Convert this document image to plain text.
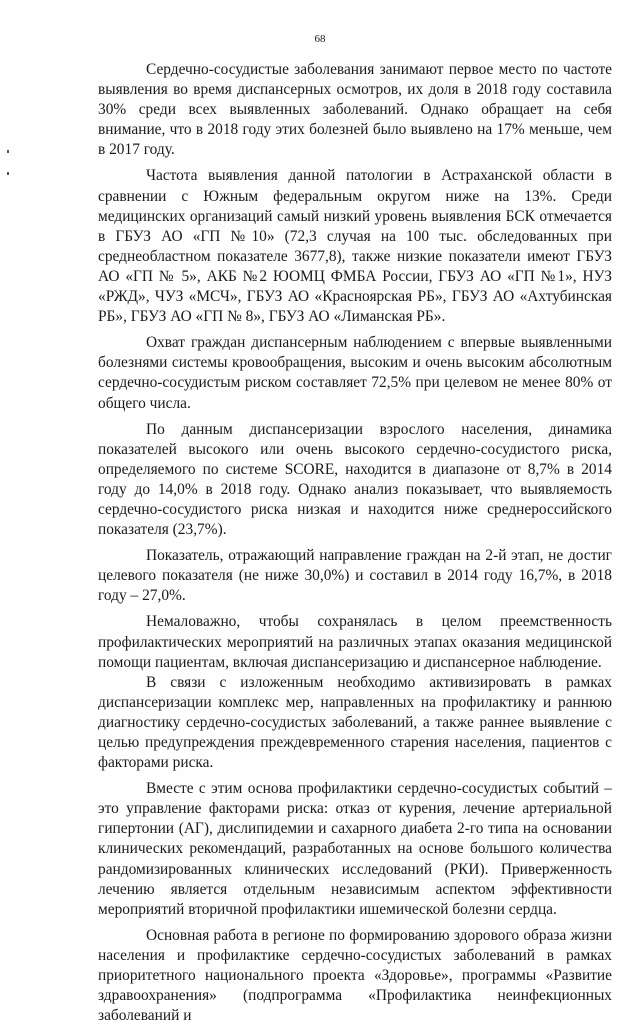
68

Сердечно-сосудистые заболевания занимают первое место по частоте выявления во время диспансерных осмотров, их доля в 2018 году составила 30% среди всех выявленных заболеваний. Однако обращает на себя внимание, что в 2018 году этих болезней было выявлено на 17% меньше, чем в 2017 году.

Частота выявления данной патологии в Астраханской области в сравнении с Южным федеральным округом ниже на 13%. Среди медицинских организаций самый низкий уровень выявления БСК отмечается в ГБУЗ АО «ГП №10» (72,3 случая на 100 тыс. обследованных при среднеобластном показателе 3677,8), также низкие показатели имеют ГБУЗ АО «ГП № 5», АКБ №2 ЮОМЦ ФМБА России, ГБУЗ АО «ГП №1», НУЗ «РЖД», ЧУЗ «МСЧ», ГБУЗ АО «Красноярская РБ», ГБУЗ АО «Ахтубинская РБ», ГБУЗ АО «ГП № 8», ГБУЗ АО «Лиманская РБ».

Охват граждан диспансерным наблюдением с впервые выявленными болезнями системы кровообращения, высоким и очень высоким абсолютным сердечно-сосудистым риском составляет 72,5% при целевом не менее 80% от общего числа.

По данным диспансеризации взрослого населения, динамика показателей высокого или очень высокого сердечно-сосудистого риска, определяемого по системе SCORE, находится в диапазоне от 8,7% в 2014 году до 14,0% в 2018 году. Однако анализ показывает, что выявляемость сердечно-сосудистого риска низкая и находится ниже среднероссийского показателя (23,7%).

Показатель, отражающий направление граждан на 2-й этап, не достиг целевого показателя (не ниже 30,0%) и составил в 2014 году 16,7%, в 2018 году – 27,0%.

Немаловажно, чтобы сохранялась в целом преемственность профилактических мероприятий на различных этапах оказания медицинской помощи пациентам, включая диспансеризацию и диспансерное наблюдение.

В связи с изложенным необходимо активизировать в рамках диспансеризации комплекс мер, направленных на профилактику и раннюю диагностику сердечно-сосудистых заболеваний, а также раннее выявление с целью предупреждения преждевременного старения населения, пациентов с факторами риска.

Вместе с этим основа профилактики сердечно-сосудистых событий – это управление факторами риска: отказ от курения, лечение артериальной гипертонии (АГ), дислипидемии и сахарного диабета 2-го типа на основании клинических рекомендаций, разработанных на основе большого количества рандомизированных клинических исследований (РКИ). Приверженность лечению является отдельным независимым аспектом эффективности мероприятий вторичной профилактики ишемической болезни сердца.

Основная работа в регионе по формированию здорового образа жизни населения и профилактике сердечно-сосудистых заболеваний в рамках приоритетного национального проекта «Здоровье», программы «Развитие здравоохранения» (подпрограмма «Профилактика неинфекционных заболеваний и
